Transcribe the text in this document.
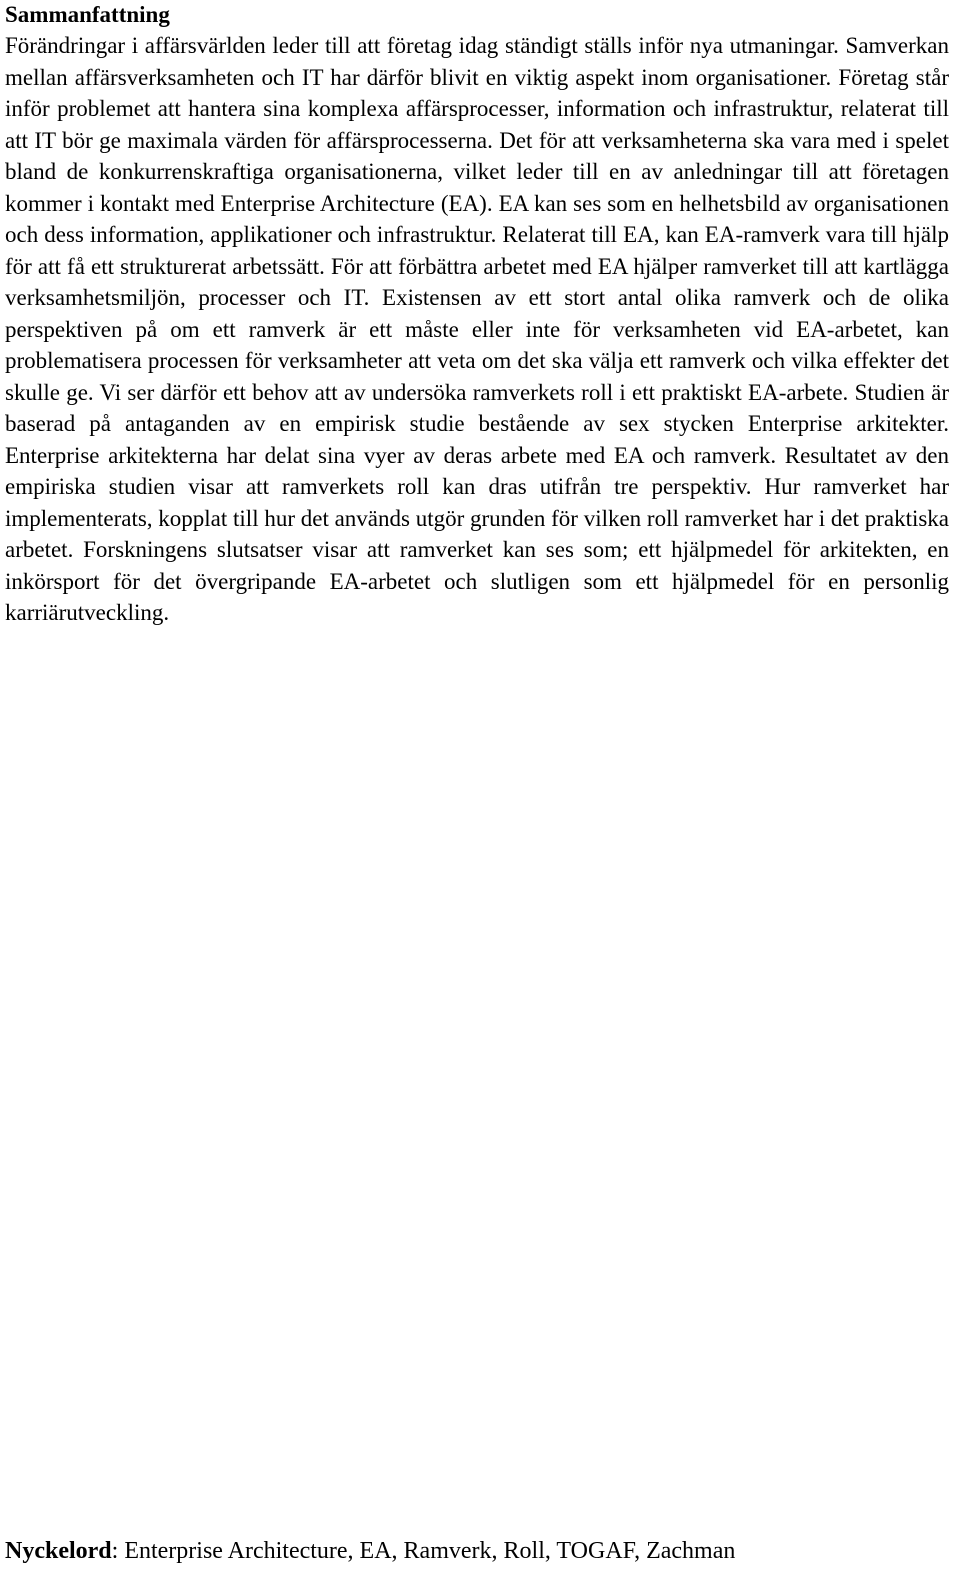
Sammanfattning

Förändringar i affärsvärlden leder till att företag idag ständigt ställs inför nya utmaningar. Samverkan mellan affärsverksamheten och IT har därför blivit en viktig aspekt inom organisationer. Företag står inför problemet att hantera sina komplexa affärsprocesser, information och infrastruktur, relaterat till att IT bör ge maximala värden för affärsprocesserna. Det för att verksamheterna ska vara med i spelet bland de konkurrenskraftiga organisationerna, vilket leder till en av anledningar till att företagen kommer i kontakt med Enterprise Architecture (EA). EA kan ses som en helhetsbild av organisationen och dess information, applikationer och infrastruktur. Relaterat till EA, kan EA-ramverk vara till hjälp för att få ett strukturerat arbetssätt. För att förbättra arbetet med EA hjälper ramverket till att kartlägga verksamhetsmiljön, processer och IT. Existensen av ett stort antal olika ramverk och de olika perspektiven på om ett ramverk är ett måste eller inte för verksamheten vid EA-arbetet, kan problematisera processen för verksamheter att veta om det ska välja ett ramverk och vilka effekter det skulle ge. Vi ser därför ett behov att av undersöka ramverkets roll i ett praktiskt EA-arbete. Studien är baserad på antaganden av en empirisk studie bestående av sex stycken Enterprise arkitekter. Enterprise arkitekterna har delat sina vyer av deras arbete med EA och ramverk. Resultatet av den empiriska studien visar att ramverkets roll kan dras utifrån tre perspektiv. Hur ramverket har implementerats, kopplat till hur det används utgör grunden för vilken roll ramverket har i det praktiska arbetet. Forskningens slutsatser visar att ramverket kan ses som; ett hjälpmedel för arkitekten, en inkörsport för det övergripande EA-arbetet och slutligen som ett hjälpmedel för en personlig karriärutveckling.

Nyckelord: Enterprise Architecture, EA, Ramverk, Roll, TOGAF, Zachman
